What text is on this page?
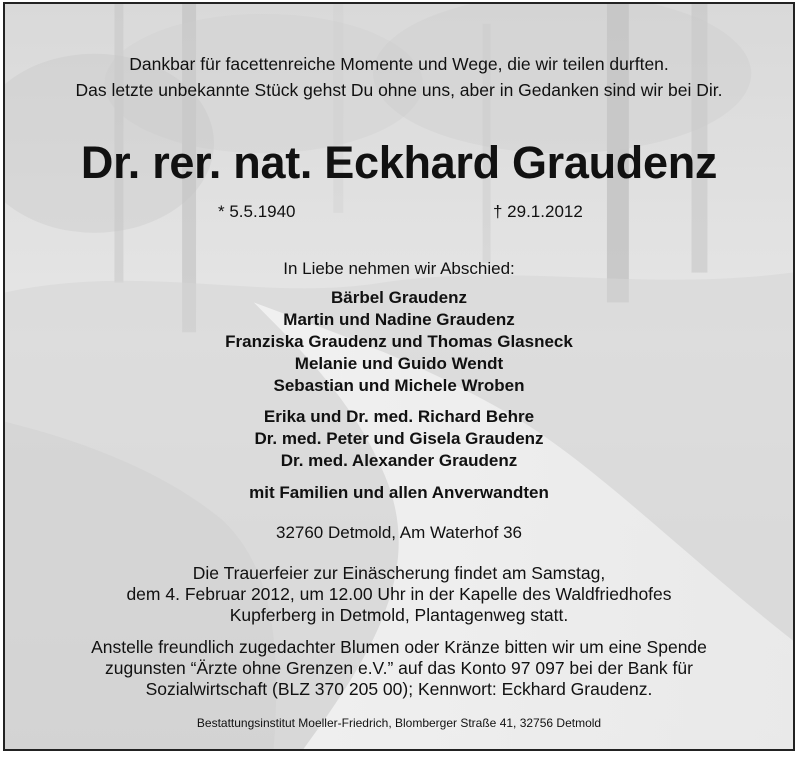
Dankbar für facettenreiche Momente und Wege, die wir teilen durften.
Das letzte unbekannte Stück gehst Du ohne uns, aber in Gedanken sind wir bei Dir.
Dr. rer. nat. Eckhard Graudenz
* 5.5.1940	† 29.1.2012
In Liebe nehmen wir Abschied:
Bärbel Graudenz
Martin und Nadine Graudenz
Franziska Graudenz und Thomas Glasneck
Melanie und Guido Wendt
Sebastian und Michele Wroben
Erika und Dr. med. Richard Behre
Dr. med. Peter und Gisela Graudenz
Dr. med. Alexander Graudenz
mit Familien und allen Anverwandten
32760 Detmold, Am Waterhof 36
Die Trauerfeier zur Einäscherung findet am Samstag,
dem 4. Februar 2012, um 12.00 Uhr in der Kapelle des Waldfriedhofes
Kupferberg in Detmold, Plantagenweg statt.
Anstelle freundlich zugedachter Blumen oder Kränze bitten wir um eine Spende
zugunsten “Ärzte ohne Grenzen e.V.” auf das Konto 97 097 bei der Bank für
Sozialwirtschaft (BLZ 370 205 00); Kennwort: Eckhard Graudenz.
Bestattungsinstitut Moeller-Friedrich, Blomberger Straße 41, 32756 Detmold
